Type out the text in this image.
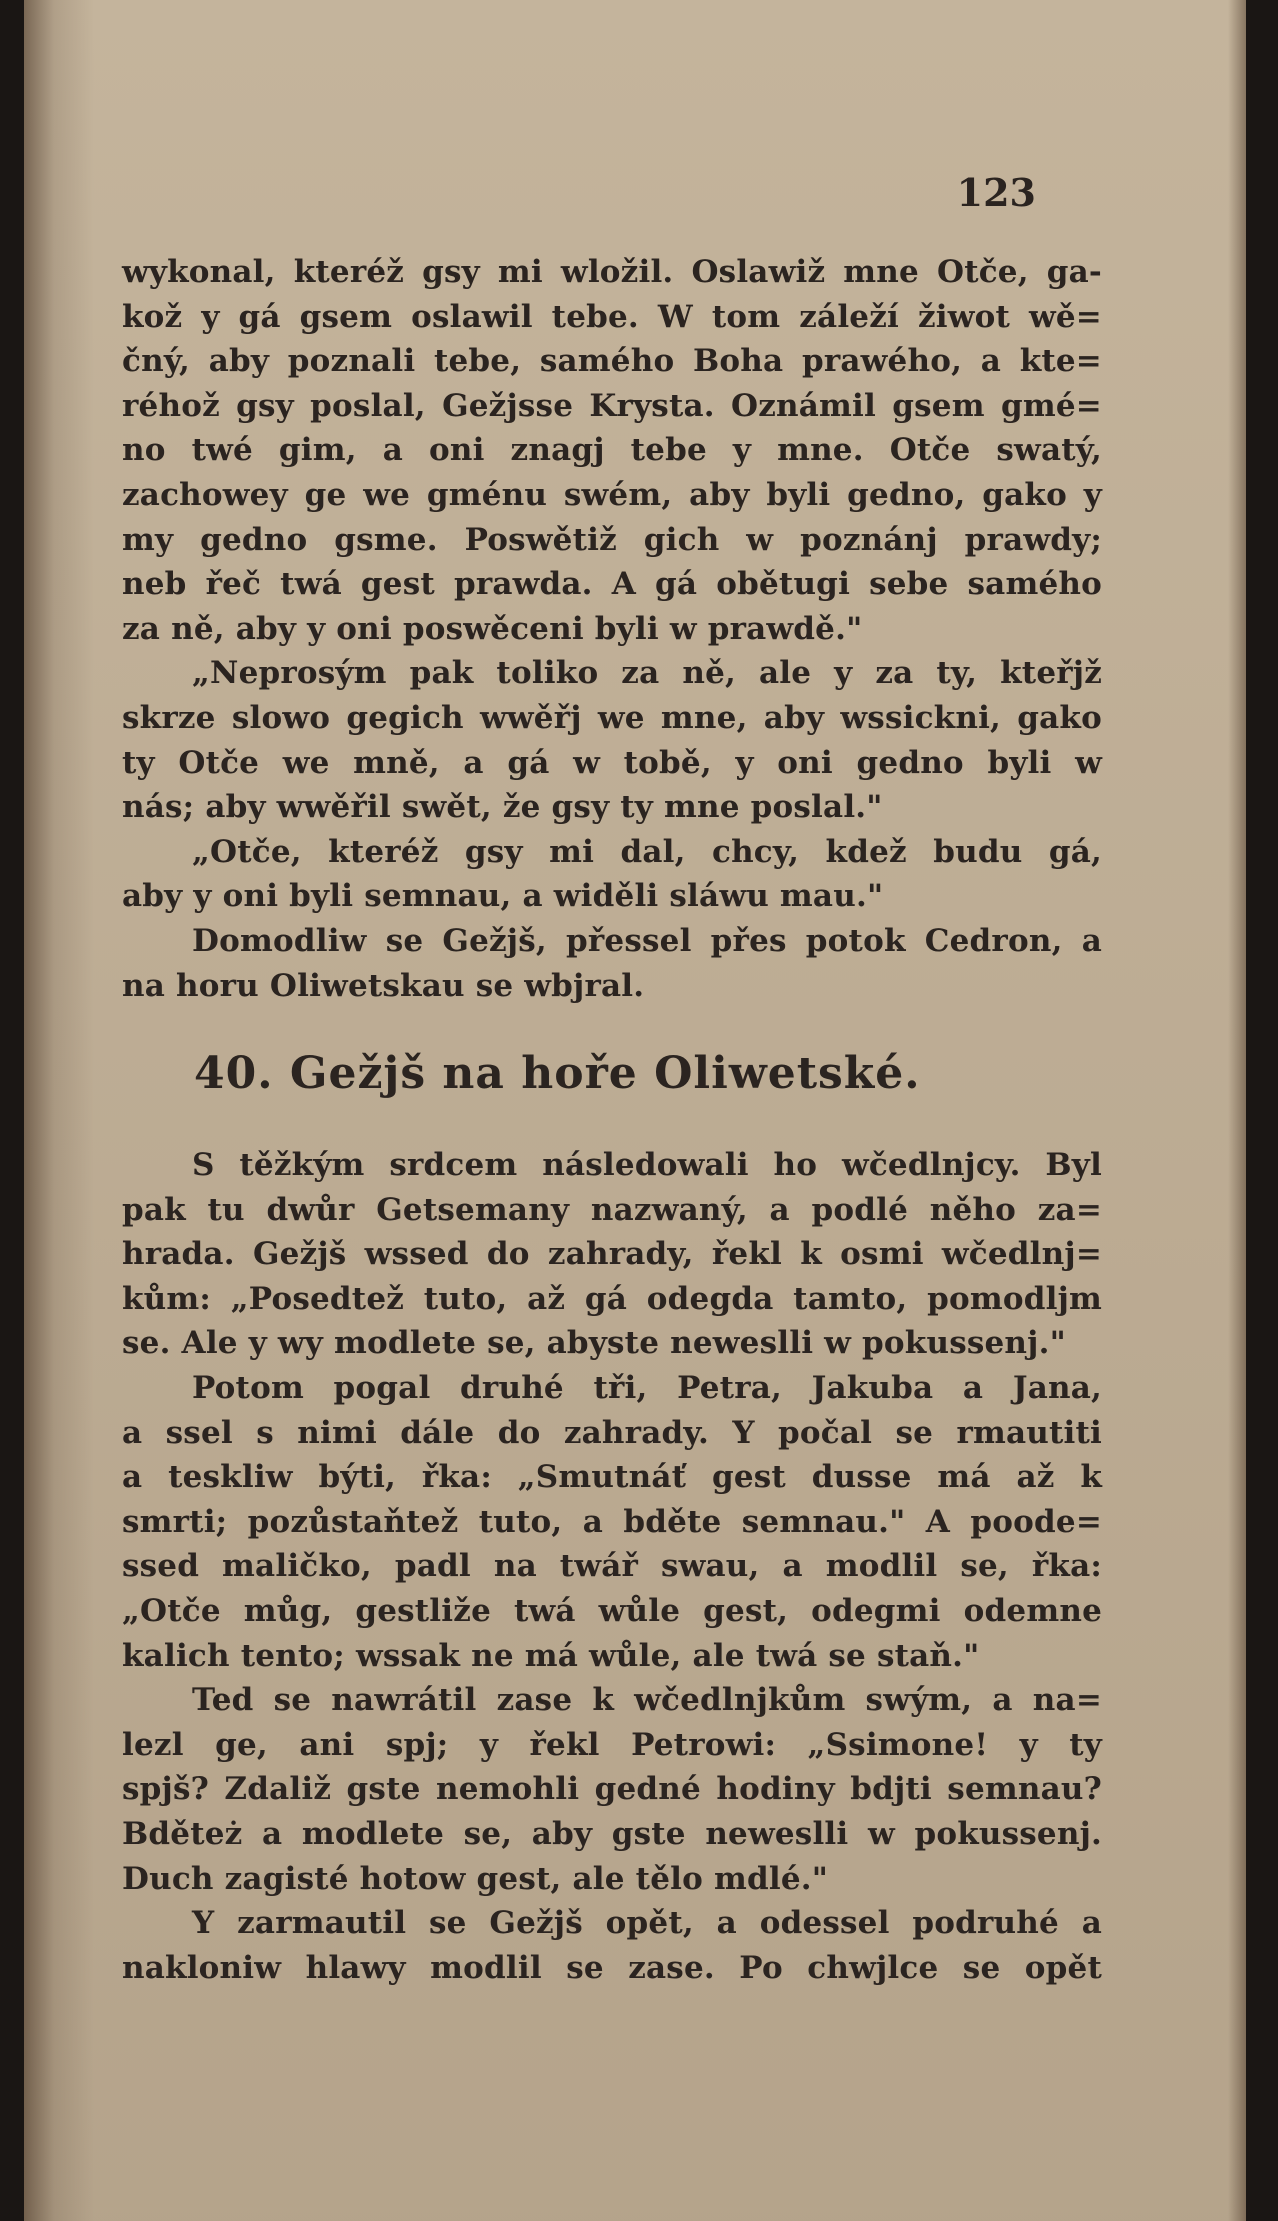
123
wykonal, kteréž gsy mi wložil. Oslawiž mne Otče, ga-
kož y gá gsem oslawil tebe. W tom záleží žiwot wě=
čný, aby poznali tebe, samého Boha prawého, a kte=
réhož gsy poslal, Gežjsse Krysta. Oznámil gsem gmé=
no twé gim, a oni znagj tebe y mne. Otče swatý,
zachowey ge we gménu swém, aby byli gedno, gako y
my gedno gsme. Poswětiž gich w poznánj prawdy;
neb řeč twá gest prawda. A gá obětugi sebe samého
za ně, aby y oni poswěceni byli w prawdě."
„Neprosým pak toliko za ně, ale y za ty, kteřjž
skrze slowo gegich wwěřj we mne, aby wssickni, gako
ty Otče we mně, a gá w tobě, y oni gedno byli w
nás; aby wwěřil swět, že gsy ty mne poslal."
„Otče, kteréž gsy mi dal, chcy, kdež budu gá,
aby y oni byli semnau, a widěli sláwu mau."
Domodliw se Gežjš, přessel přes potok Cedron, a
na horu Oliwetskau se wbjral.
40. Gežjš na hoře Oliwetské.
S těžkým srdcem následowali ho wčedlnjcy. Byl
pak tu dwůr Getsemany nazwaný, a podlé něho za=
hrada. Gežjš wssed do zahrady, řekl k osmi wčedlnj=
kům: „Posedtež tuto, až gá odegda tamto, pomodljm
se. Ale y wy modlete se, abyste neweslli w pokussenj."
Potom pogal druhé tři, Petra, Jakuba a Jana,
a ssel s nimi dále do zahrady. Y počal se rmautiti
a teskliw býti, řka: „Smutnáť gest dusse má až k
smrti; pozůstaňtež tuto, a bděte semnau." A poode=
ssed maličko, padl na twář swau, a modlil se, řka:
„Otče můg, gestližе twá wůle gest, odegmi odemne
kalich tento; wssak ne má wůle, ale twá se staň."
Ted se nawrátil zase k wčedlnjkům swým, a na=
lezl ge, ani spj; y řekl Petrowi: „Ssimone! y ty
spjš? Zdaliž gste nemohli gedné hodiny bdjti semnau?
Bděteż a modlete se, aby gste neweslli w pokussenj.
Duch zagisté hotow gest, ale tělo mdlé."
Y zarmautil se Gežjš opět, a odessel podruhé a
nakloniw hlawy modlil se zase. Po chwjlce se opět
